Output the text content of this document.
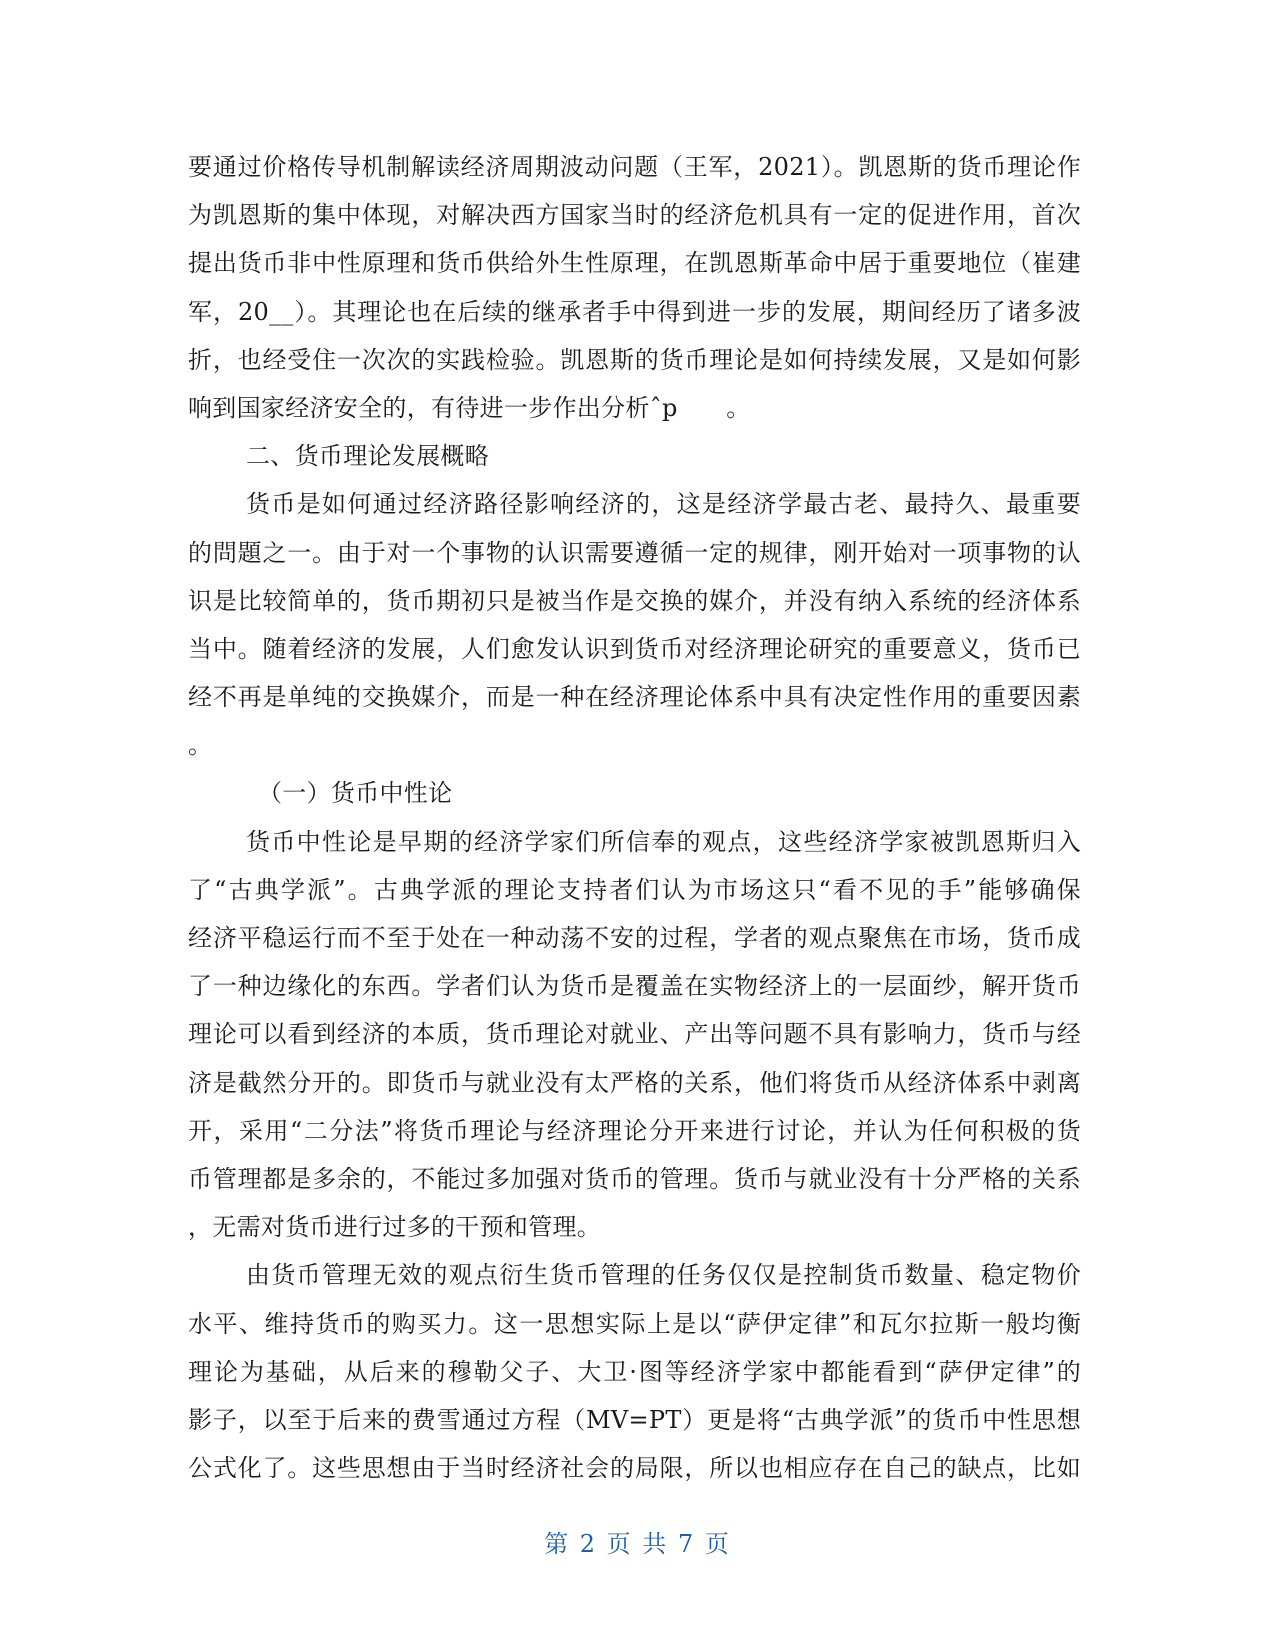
要通过价格传导机制解读经济周期波动问题（王军，2021）。凯恩斯的货币理论作
为凯恩斯的集中体现，对解决西方国家当时的经济危机具有一定的促进作用，首次
提出货币非中性原理和货币供给外生性原理，在凯恩斯革命中居于重要地位（崔建
军，20__）。其理论也在后续的继承者手中得到进一步的发展，期间经历了诸多波
折，也经受住一次次的实践检验。凯恩斯的货币理论是如何持续发展，又是如何影
响到国家经济安全的，有待进一步作出分析ˆp　　。
二、货币理论发展概略
货币是如何通过经济路径影响经济的，这是经济学最古老、最持久、最重要
的問題之一。由于对一个事物的认识需要遵循一定的规律，刚开始对一项事物的认
识是比较简单的，货币期初只是被当作是交换的媒介，并没有纳入系统的经济体系
当中。随着经济的发展，人们愈发认识到货币对经济理论研究的重要意义，货币已
经不再是单纯的交换媒介，而是一种在经济理论体系中具有决定性作用的重要因素
。
（一）货币中性论
货币中性论是早期的经济学家们所信奉的观点，这些经济学家被凯恩斯归入
了“古典学派”。古典学派的理论支持者们认为市场这只“看不见的手”能够确保
经济平稳运行而不至于处在一种动荡不安的过程，学者的观点聚焦在市场，货币成
了一种边缘化的东西。学者们认为货币是覆盖在实物经济上的一层面纱，解开货币
理论可以看到经济的本质，货币理论对就业、产出等问题不具有影响力，货币与经
济是截然分开的。即货币与就业没有太严格的关系，他们将货币从经济体系中剥离
开，采用“二分法”将货币理论与经济理论分开来进行讨论，并认为任何积极的货
币管理都是多余的，不能过多加强对货币的管理。货币与就业没有十分严格的关系
，无需对货币进行过多的干预和管理。
由货币管理无效的观点衍生货币管理的任务仅仅是控制货币数量、稳定物价
水平、维持货币的购买力。这一思想实际上是以“萨伊定律”和瓦尔拉斯一般均衡
理论为基础，从后来的穆勒父子、大卫·图等经济学家中都能看到“萨伊定律”的
影子，以至于后来的费雪通过方程（MV=PT）更是将“古典学派”的货币中性思想
公式化了。这些思想由于当时经济社会的局限，所以也相应存在自己的缺点，比如
第 2 页 共 7 页
